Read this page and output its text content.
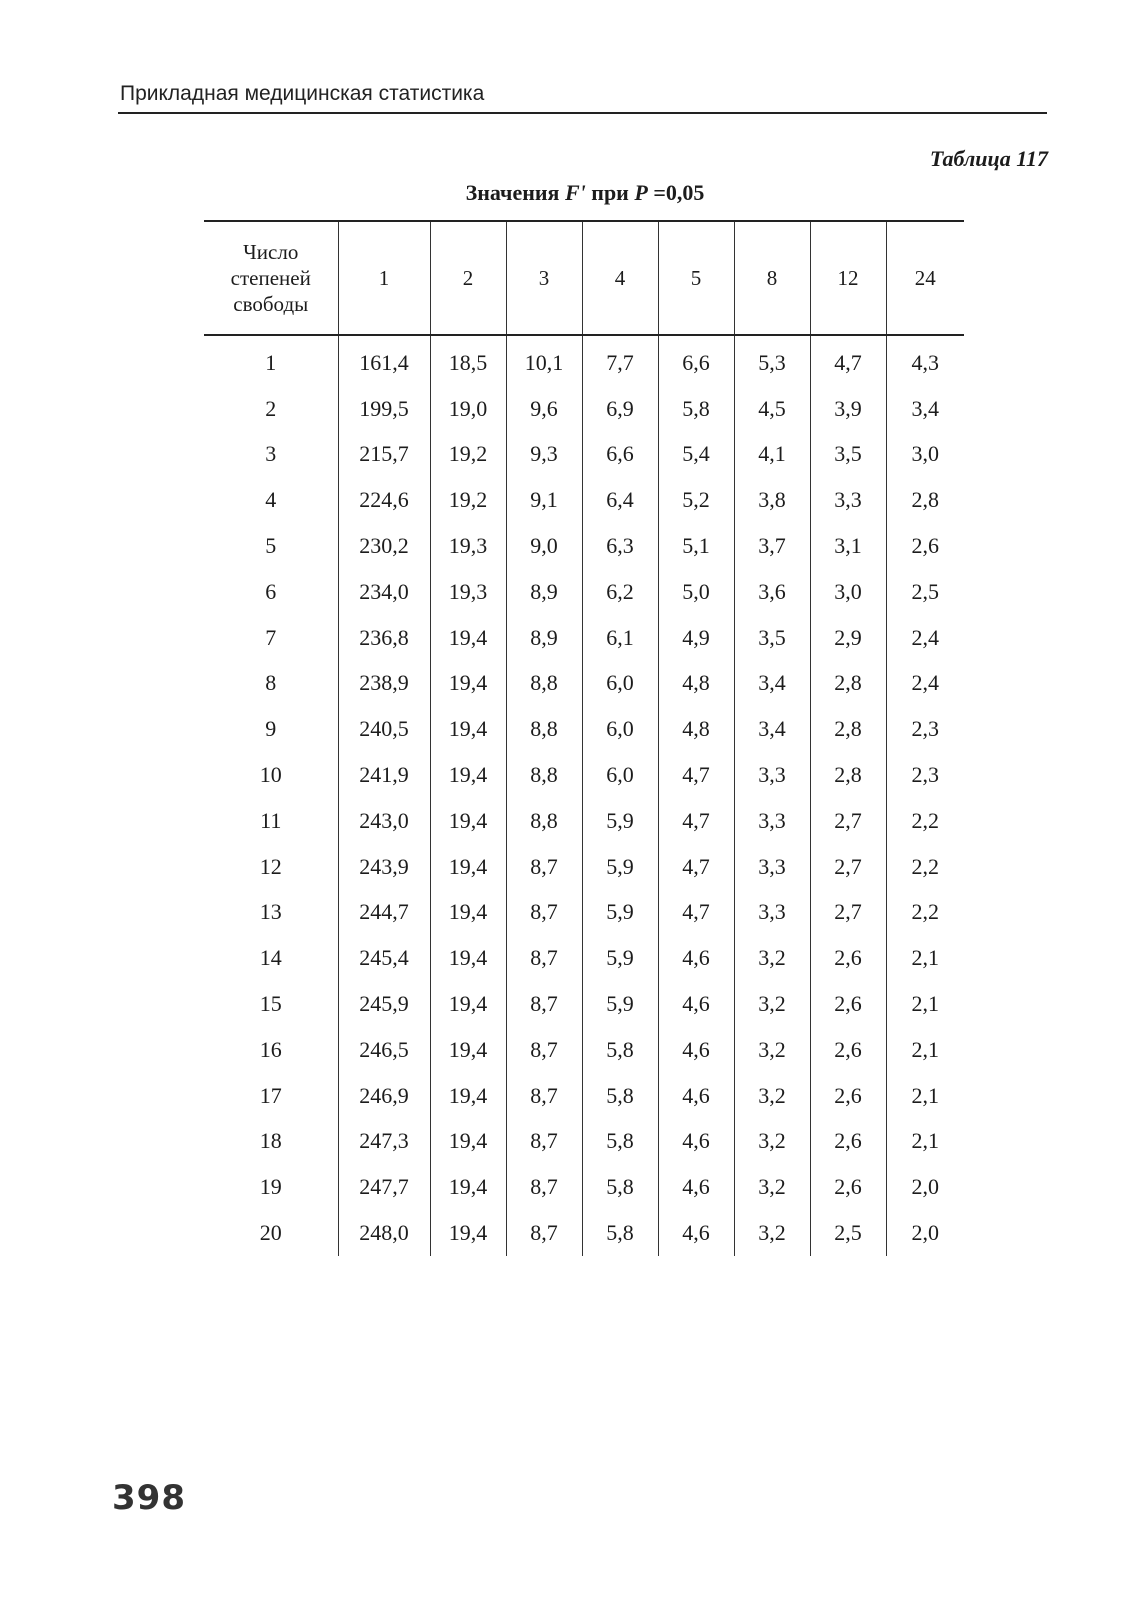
Прикладная медицинская статистика
Таблица 117
Значения F' при P =0,05
Число
степеней
свободы	1	2	3	4	5	8	12	24
1	161,4	18,5	10,1	7,7	6,6	5,3	4,7	4,3
2	199,5	19,0	9,6	6,9	5,8	4,5	3,9	3,4
3	215,7	19,2	9,3	6,6	5,4	4,1	3,5	3,0
4	224,6	19,2	9,1	6,4	5,2	3,8	3,3	2,8
5	230,2	19,3	9,0	6,3	5,1	3,7	3,1	2,6
6	234,0	19,3	8,9	6,2	5,0	3,6	3,0	2,5
7	236,8	19,4	8,9	6,1	4,9	3,5	2,9	2,4
8	238,9	19,4	8,8	6,0	4,8	3,4	2,8	2,4
9	240,5	19,4	8,8	6,0	4,8	3,4	2,8	2,3
10	241,9	19,4	8,8	6,0	4,7	3,3	2,8	2,3
11	243,0	19,4	8,8	5,9	4,7	3,3	2,7	2,2
12	243,9	19,4	8,7	5,9	4,7	3,3	2,7	2,2
13	244,7	19,4	8,7	5,9	4,7	3,3	2,7	2,2
14	245,4	19,4	8,7	5,9	4,6	3,2	2,6	2,1
15	245,9	19,4	8,7	5,9	4,6	3,2	2,6	2,1
16	246,5	19,4	8,7	5,8	4,6	3,2	2,6	2,1
17	246,9	19,4	8,7	5,8	4,6	3,2	2,6	2,1
18	247,3	19,4	8,7	5,8	4,6	3,2	2,6	2,1
19	247,7	19,4	8,7	5,8	4,6	3,2	2,6	2,0
20	248,0	19,4	8,7	5,8	4,6	3,2	2,5	2,0
398
